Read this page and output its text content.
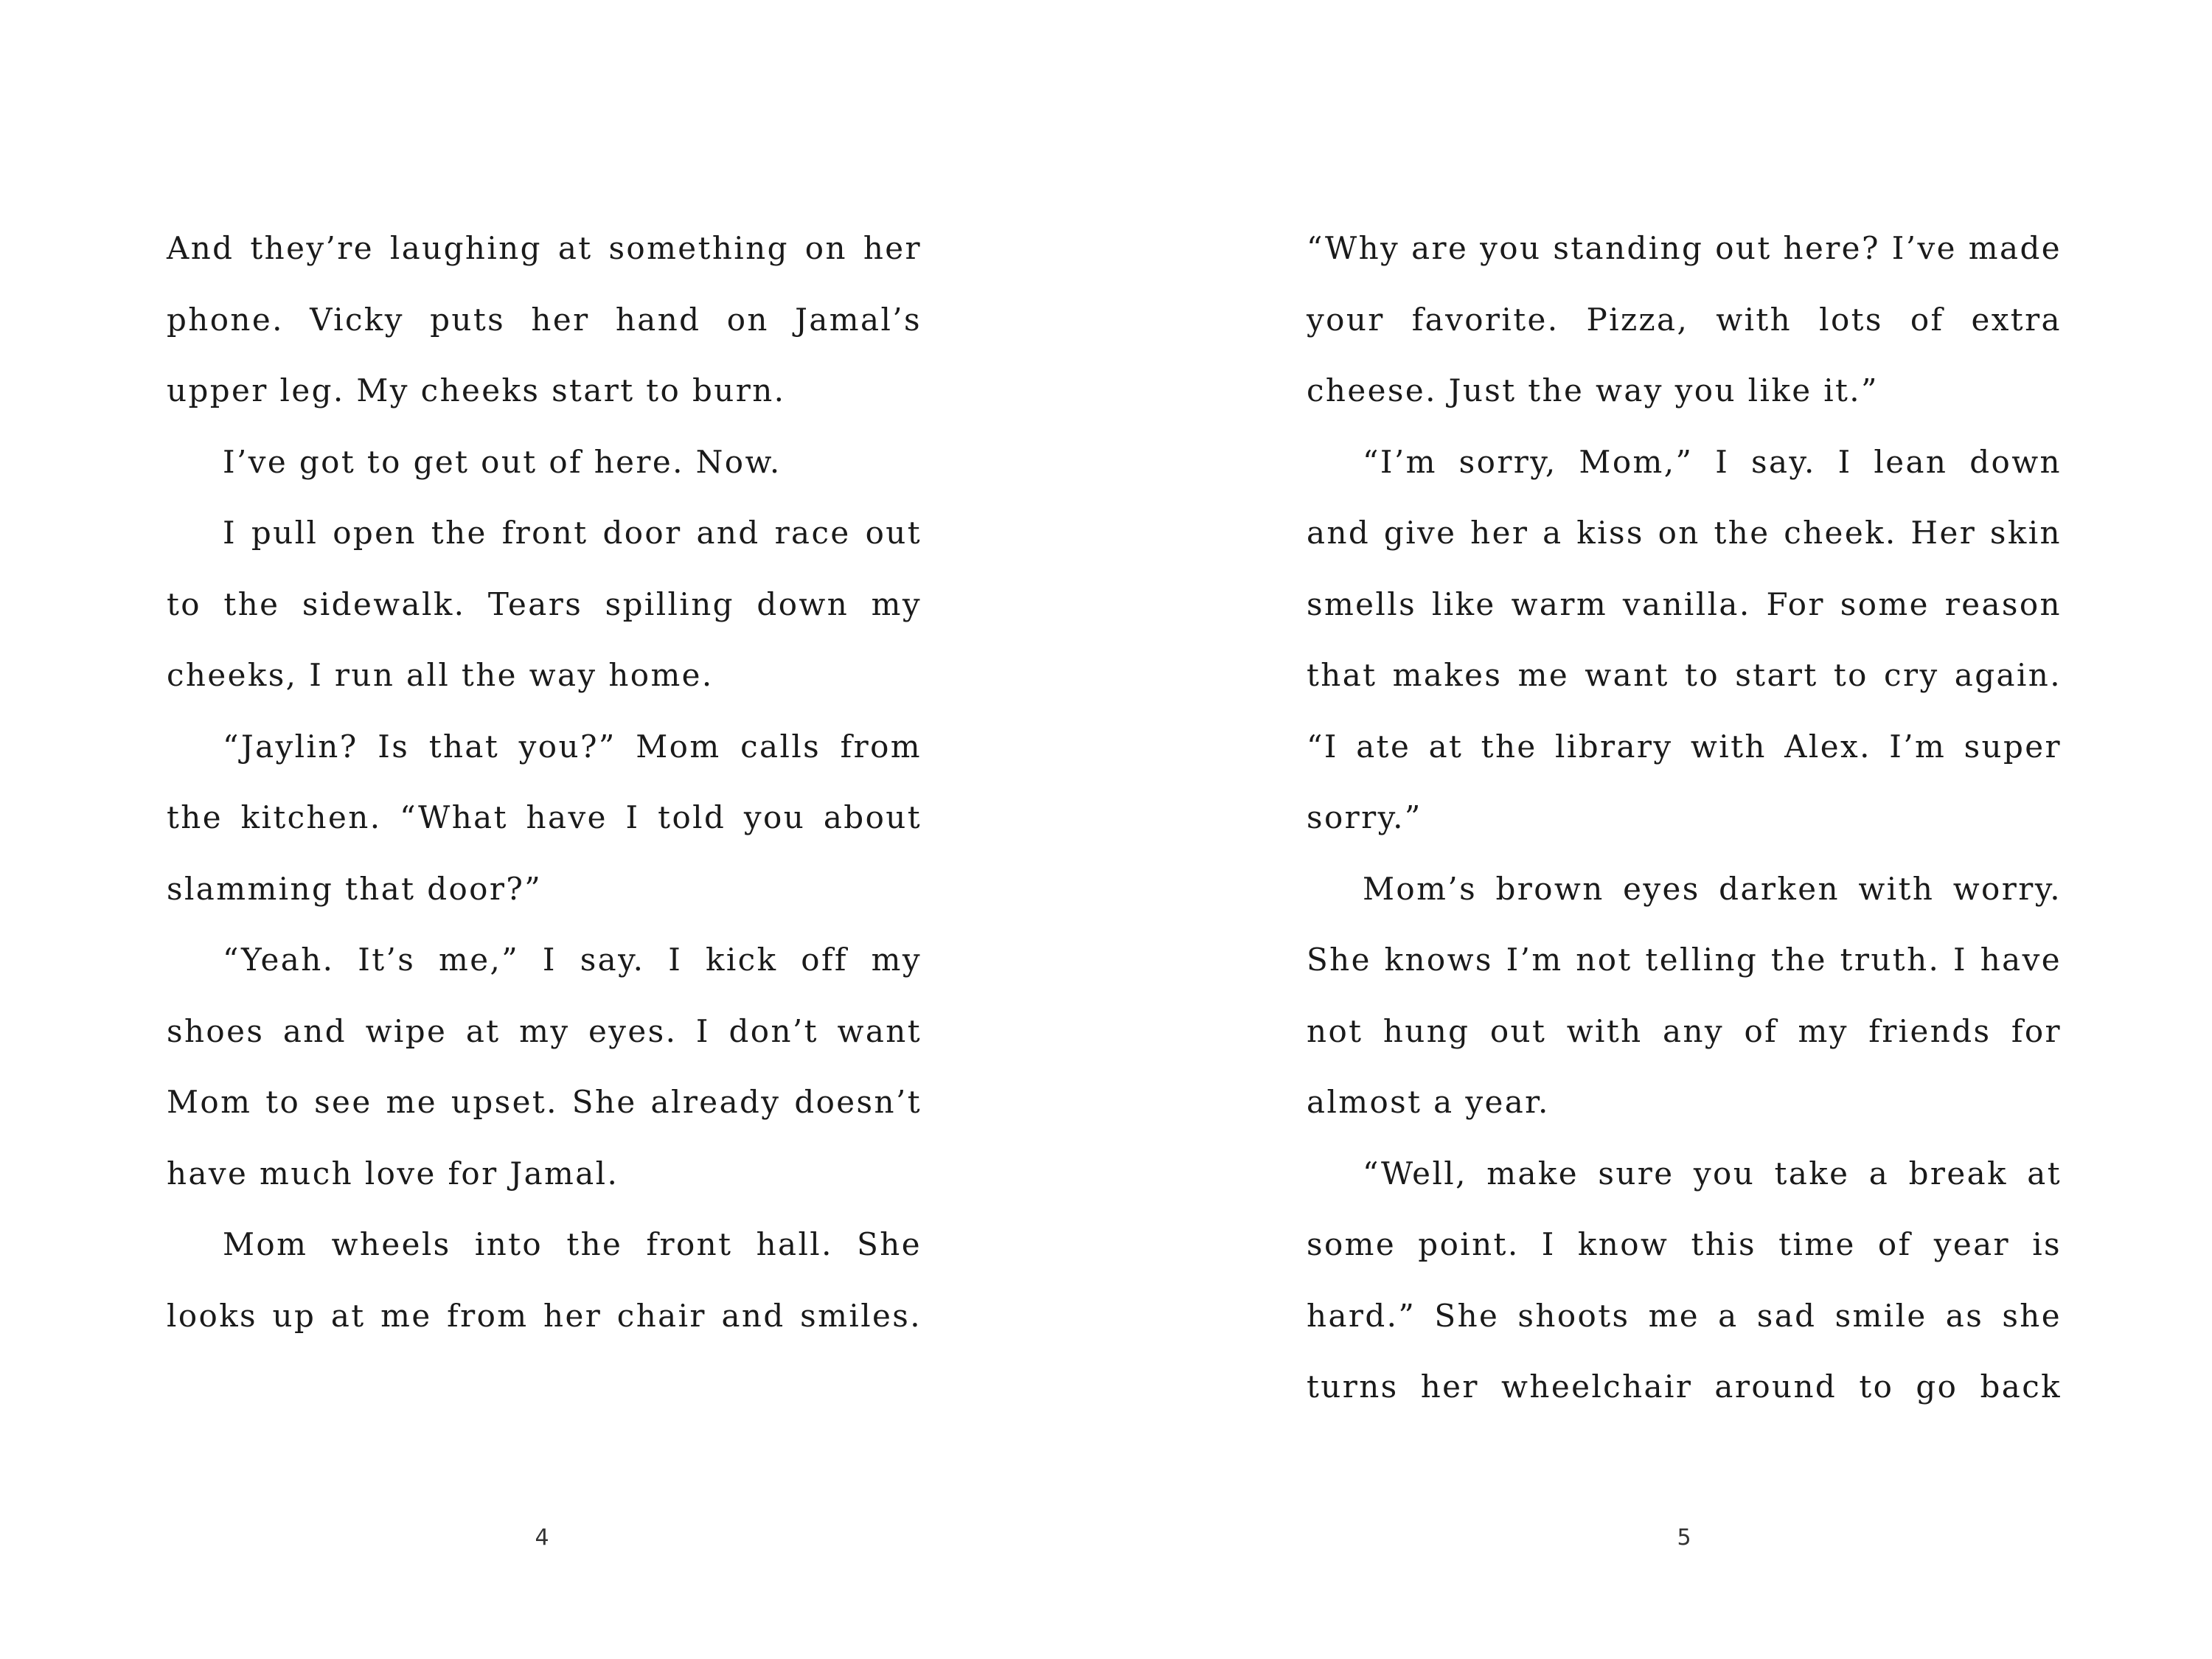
And they’re laughing at something on her phone. Vicky puts her hand on Jamal’s upper leg. My cheeks start to burn.

I’ve got to get out of here. Now.

I pull open the front door and race out to the sidewalk. Tears spilling down my cheeks, I run all the way home.

“Jaylin? Is that you?” Mom calls from the kitchen. “What have I told you about slamming that door?”

“Yeah. It’s me,” I say. I kick off my shoes and wipe at my eyes. I don’t want Mom to see me upset. She already doesn’t have much love for Jamal.

Mom wheels into the front hall. She looks up at me from her chair and smiles.

4

“Why are you standing out here? I’ve made your favorite. Pizza, with lots of extra cheese. Just the way you like it.”

“I’m sorry, Mom,” I say. I lean down and give her a kiss on the cheek. Her skin smells like warm vanilla. For some reason that makes me want to start to cry again. “I ate at the library with Alex. I’m super sorry.”

Mom’s brown eyes darken with worry. She knows I’m not telling the truth. I have not hung out with any of my friends for almost a year.

“Well, make sure you take a break at some point. I know this time of year is hard.” She shoots me a sad smile as she turns her wheelchair around to go back

5
